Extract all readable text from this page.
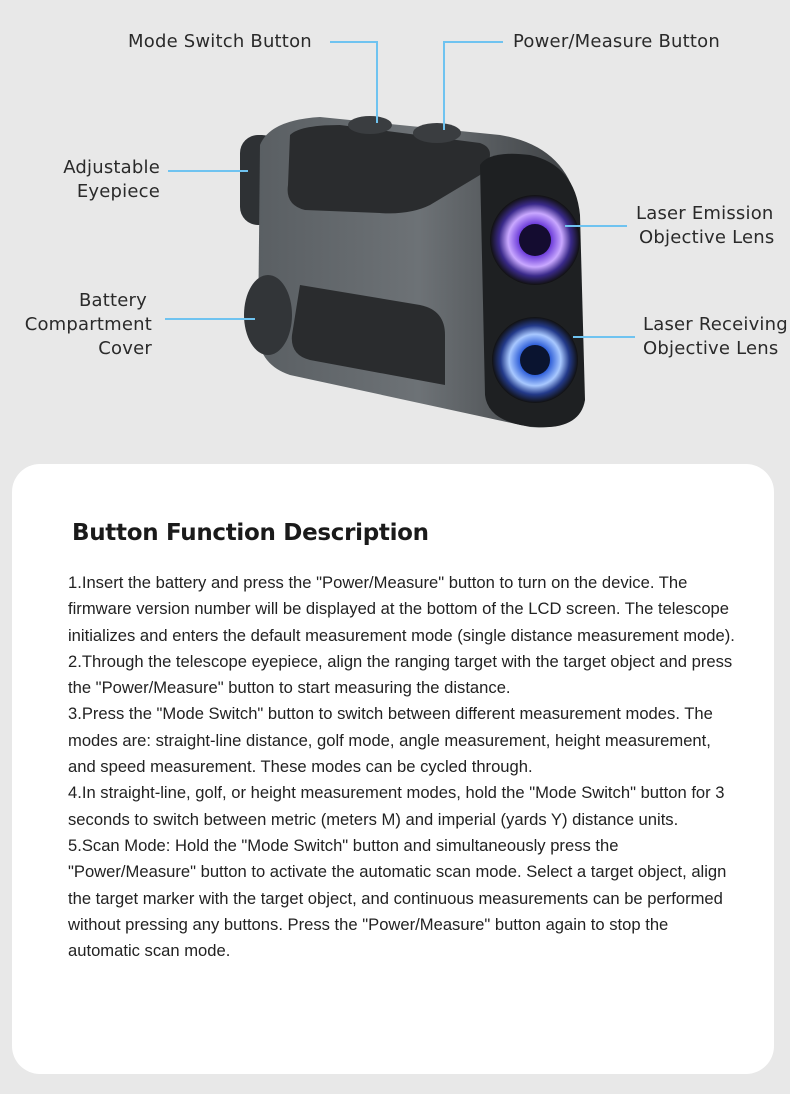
Mode Switch Button	Power/Measure Button
Adjustable
Eyepiece
Battery
Compartment
Cover
Laser Emission
Objective Lens
Laser Receiving
Objective Lens
Button Function Description

1.Insert the battery and press the "Power/Measure" button to turn on the device. The firmware version number will be displayed at the bottom of the LCD screen. The telescope initializes and enters the default measurement mode (single distance measurement mode).

2.Through the telescope eyepiece, align the ranging target with the target object and press the "Power/Measure" button to start measuring the distance.

3.Press the "Mode Switch" button to switch between different measurement modes. The modes are: straight-line distance, golf mode, angle measurement, height measurement, and speed measurement. These modes can be cycled through.

4.In straight-line, golf, or height measurement modes, hold the "Mode Switch" button for 3 seconds to switch between metric (meters M) and imperial (yards Y) distance units.

5.Scan Mode: Hold the "Mode Switch" button and simultaneously press the "Power/Measure" button to activate the automatic scan mode. Select a target object, align the target marker with the target object, and continuous measurements can be performed without pressing any buttons. Press the "Power/Measure" button again to stop the automatic scan mode.
